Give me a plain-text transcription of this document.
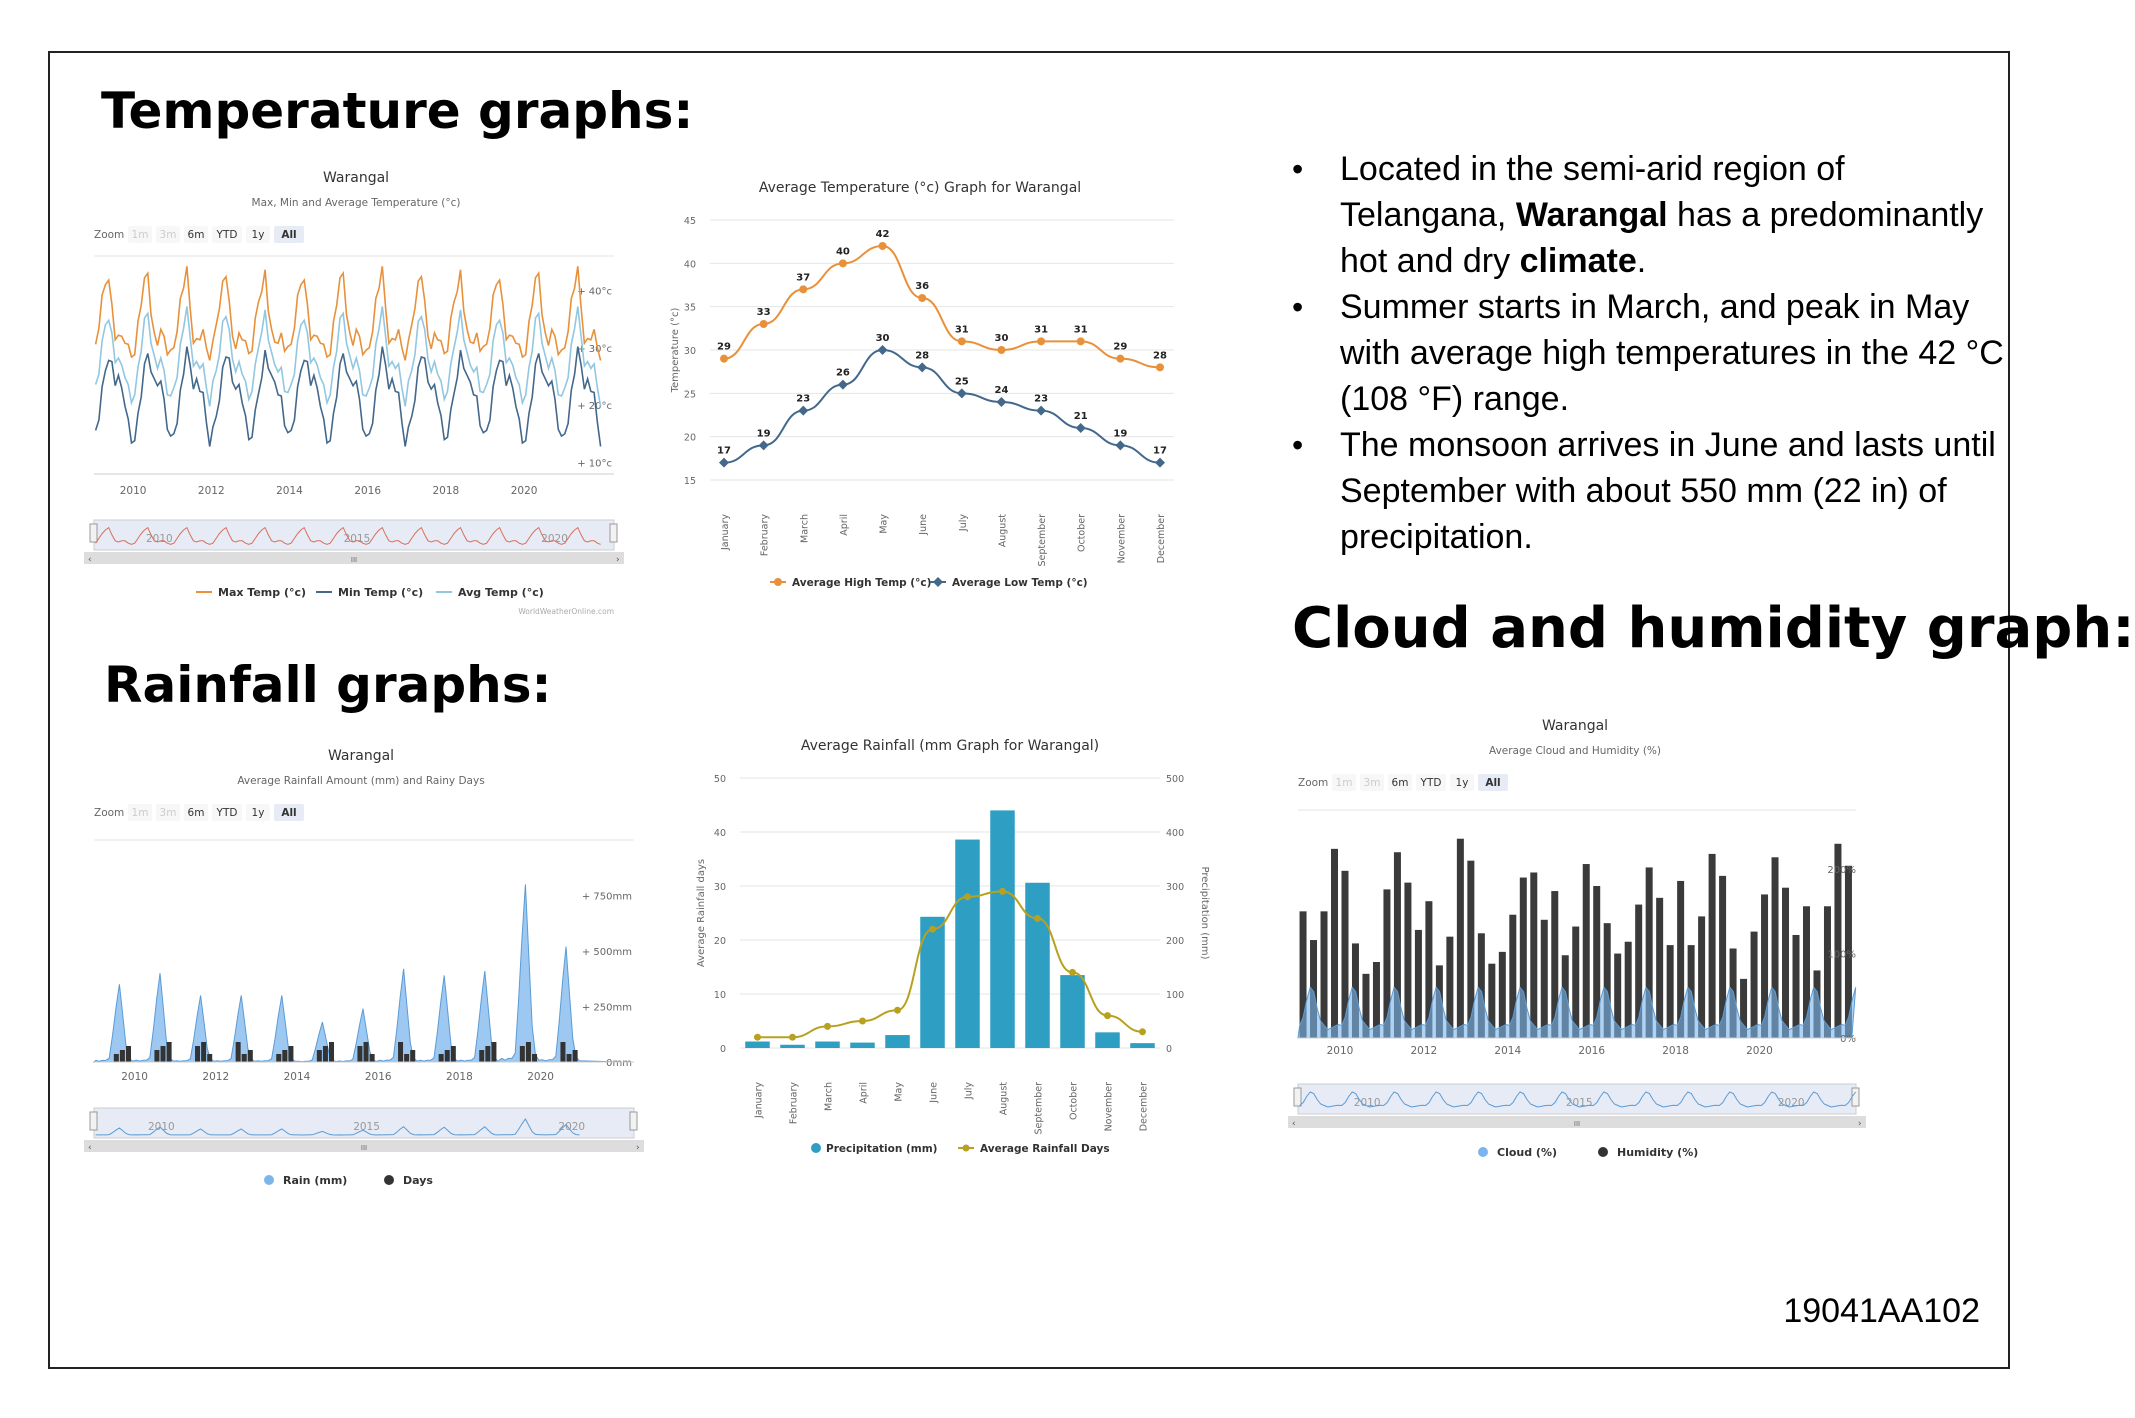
Temperature graphs:
Rainfall graphs:
Cloud and humidity graph:
• Located in the semi-arid region of Telangana, Warangal has a predominantly hot and dry climate.
• Summer starts in March, and peak in May with average high temperatures in the 42 °C (108 °F) range.
• The monsoon arrives in June and lasts until September with about 550 mm (22 in) of precipitation.
19041AA102
Warangal
Max, Min and Average Temperature (°c)
Zoom 1m 3m 6m YTD 1y All
‹	›
III
2010	2015	2020
Max Temp (°c)	Min Temp (°c)	Avg Temp (°c)
+ 10°c
+ 20°c
+ 30°c
+ 40°c
2010	2012	2014	2016	2018	2020
WorldWeatherOnline.com
Average Temperature (°c) Graph for Warangal
15
20
25
30
35
40
45
Temperature (°c)
January	February	March	April	May	June	July	August	September	October	November	December
29
33
37
40
42
36
31
30
31	31
29
28
17
19
23
26
30
28
25
24
23
21
19
17
Average High Temp (°c) Average Low Temp (°c)
Warangal
Average Rainfall Amount (mm) and Rainy Days
Zoom 1m 3m 6m YTD 1y All
‹	›
III
2010	2015	2020
Rain (mm)	Days
0mm
+ 250mm
+ 500mm
+ 750mm
2010	2012	2014	2016	2018	2020
Average Rainfall (mm Graph for Warangal)
0
10
20
30
40
50
0
100
200
300
400
500
Average Rainfall days	Precipitation (mm)
January	February	March	April	May	June	July	August	September	October	November	December
Precipitation (mm)	Average Rainfall Days
Warangal
Average Cloud and Humidity (%)
Zoom 1m 3m 6m YTD 1y All
‹	›
III
2010	2015	2020
Cloud (%)	Humidity (%)
2010	2012	2014	2016	2018	2020
0%
100%
200%
